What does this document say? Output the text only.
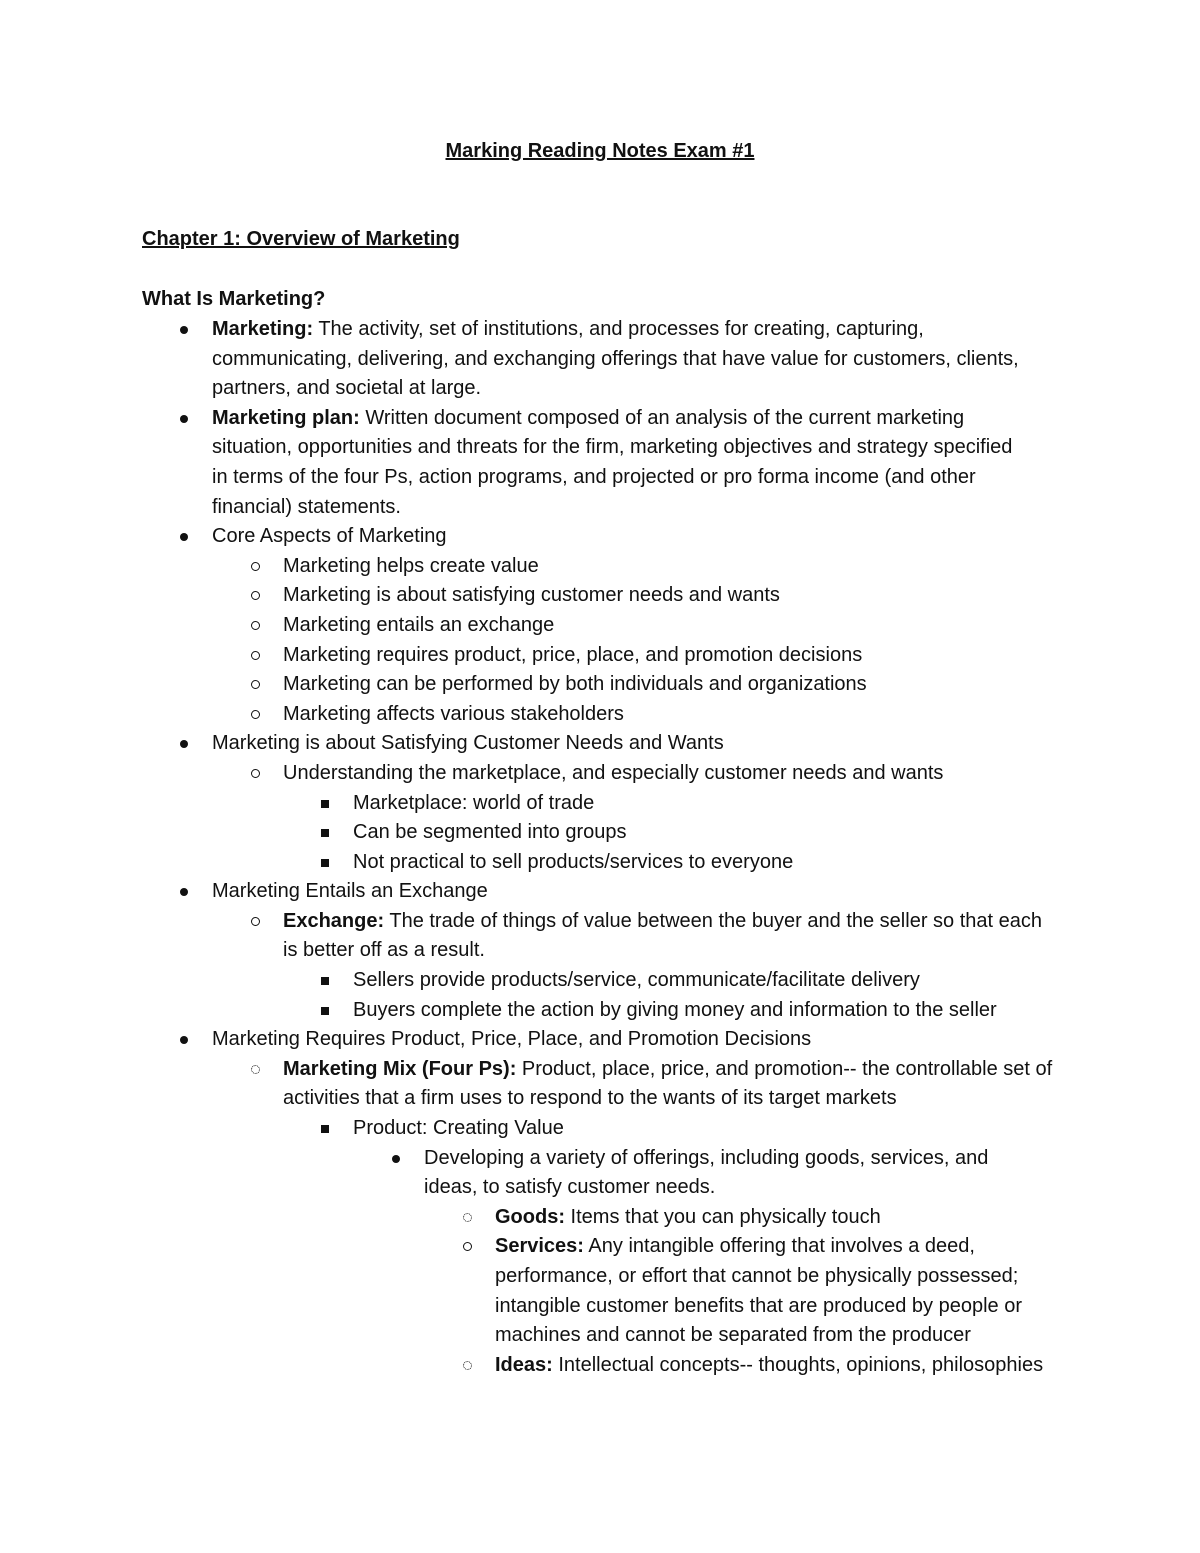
Marking Reading Notes Exam #1
Chapter 1: Overview of Marketing
What Is Marketing?
Marketing: The activity, set of institutions, and processes for creating, capturing, communicating, delivering, and exchanging offerings that have value for customers, clients, partners, and societal at large.
Marketing plan: Written document composed of an analysis of the current marketing situation, opportunities and threats for the firm, marketing objectives and strategy specified in terms of the four Ps, action programs, and projected or pro forma income (and other financial) statements.
Core Aspects of Marketing
Marketing helps create value
Marketing is about satisfying customer needs and wants
Marketing entails an exchange
Marketing requires product, price, place, and promotion decisions
Marketing can be performed by both individuals and organizations
Marketing affects various stakeholders
Marketing is about Satisfying Customer Needs and Wants
Understanding the marketplace, and especially customer needs and wants
Marketplace: world of trade
Can be segmented into groups
Not practical to sell products/services to everyone
Marketing Entails an Exchange
Exchange: The trade of things of value between the buyer and the seller so that each is better off as a result.
Sellers provide products/service, communicate/facilitate delivery
Buyers complete the action by giving money and information to the seller
Marketing Requires Product, Price, Place, and Promotion Decisions
Marketing Mix (Four Ps): Product, place, price, and promotion-- the controllable set of activities that a firm uses to respond to the wants of its target markets
Product: Creating Value
Developing a variety of offerings, including goods, services, and ideas, to satisfy customer needs.
Goods: Items that you can physically touch
Services: Any intangible offering that involves a deed, performance, or effort that cannot be physically possessed; intangible customer benefits that are produced by people or machines and cannot be separated from the producer
Ideas: Intellectual concepts-- thoughts, opinions, philosophies
